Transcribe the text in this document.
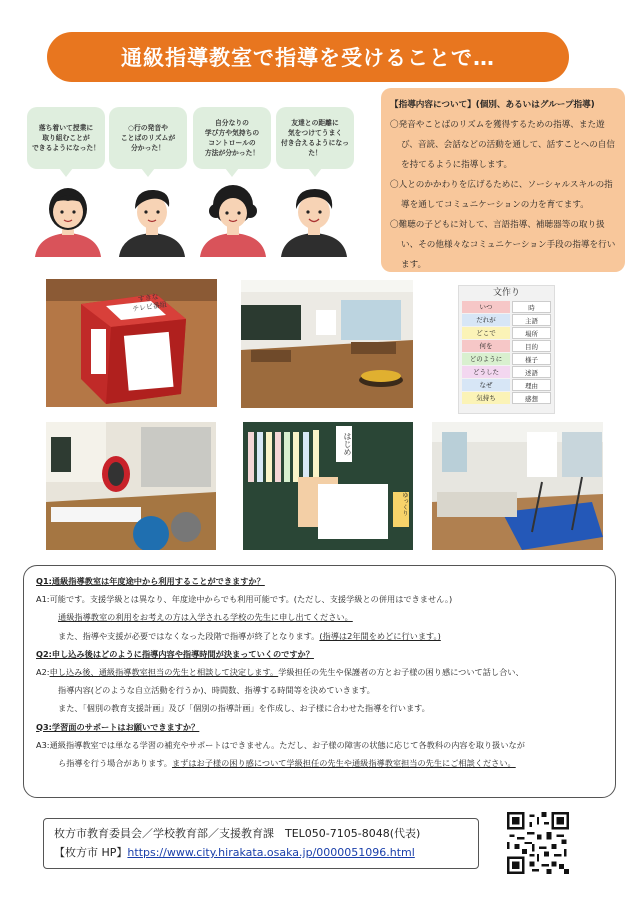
通級指導教室で指導を受けることで…
落ち着いて授業に
取り組むことが
できるようになった！
○行の発音や
ことばのリズムが
分かった！
自分なりの
学び方や気持ちの
コントロールの
方法が分かった！
友達との距離に
気をつけてうまく
付き合えるようになった！
【指導内容について】(個別、あるいはグループ指導)
〇発音やことばのリズムを獲得するための指導、また遊び、音読、会話などの活動を通して、話すことへの自信を持てるように指導します。
〇人とのかかわりを広げるために、ソーシャルスキルの指導を通してコミュニケーションの力を育てます。
〇難聴の子どもに対して、言語指導、補聴器等の取り扱い、その他様々なコミュニケーション手段の指導を行います。
すきな
テレビ番組
文作り
いつ	時
だれが	主語
どこで	場所
何を	目的
どのように	様子
どうした	述語
なぜ	理由
気持ち	感想
はじめ
ゆっくり
Q1:通級指導教室は年度途中から利用することができますか？
A1:可能です。支援学級とは異なり、年度途中からでも利用可能です。(ただし、支援学級との併用はできません。)
通級指導教室の利用をお考えの方は入学される学校の先生に申し出てください。
また、指導や支援が必要ではなくなった段階で指導が終了となります。(指導は2年間をめどに行います。)
Q2:申し込み後はどのように指導内容や指導時間が決まっていくのですか？
A2:申し込み後、通級指導教室担当の先生と相談して決定します。学級担任の先生や保護者の方とお子様の困り感について話し合い、
指導内容(どのような自立活動を行うか)、時間数、指導する時間等を決めていきます。
また、「個別の教育支援計画」及び「個別の指導計画」を作成し、お子様に合わせた指導を行います。
Q3:学習面のサポートはお願いできますか？
A3:通級指導教室では単なる学習の補充やサポートはできません。ただし、お子様の障害の状態に応じて各教科の内容を取り扱いなが
ら指導を行う場合があります。まずはお子様の困り感について学級担任の先生や通級指導教室担当の先生にご相談ください。
枚方市教育委員会／学校教育部／支援教育課　TEL050-7105-8048(代表)
【枚方市 HP】https://www.city.hirakata.osaka.jp/0000051096.html
